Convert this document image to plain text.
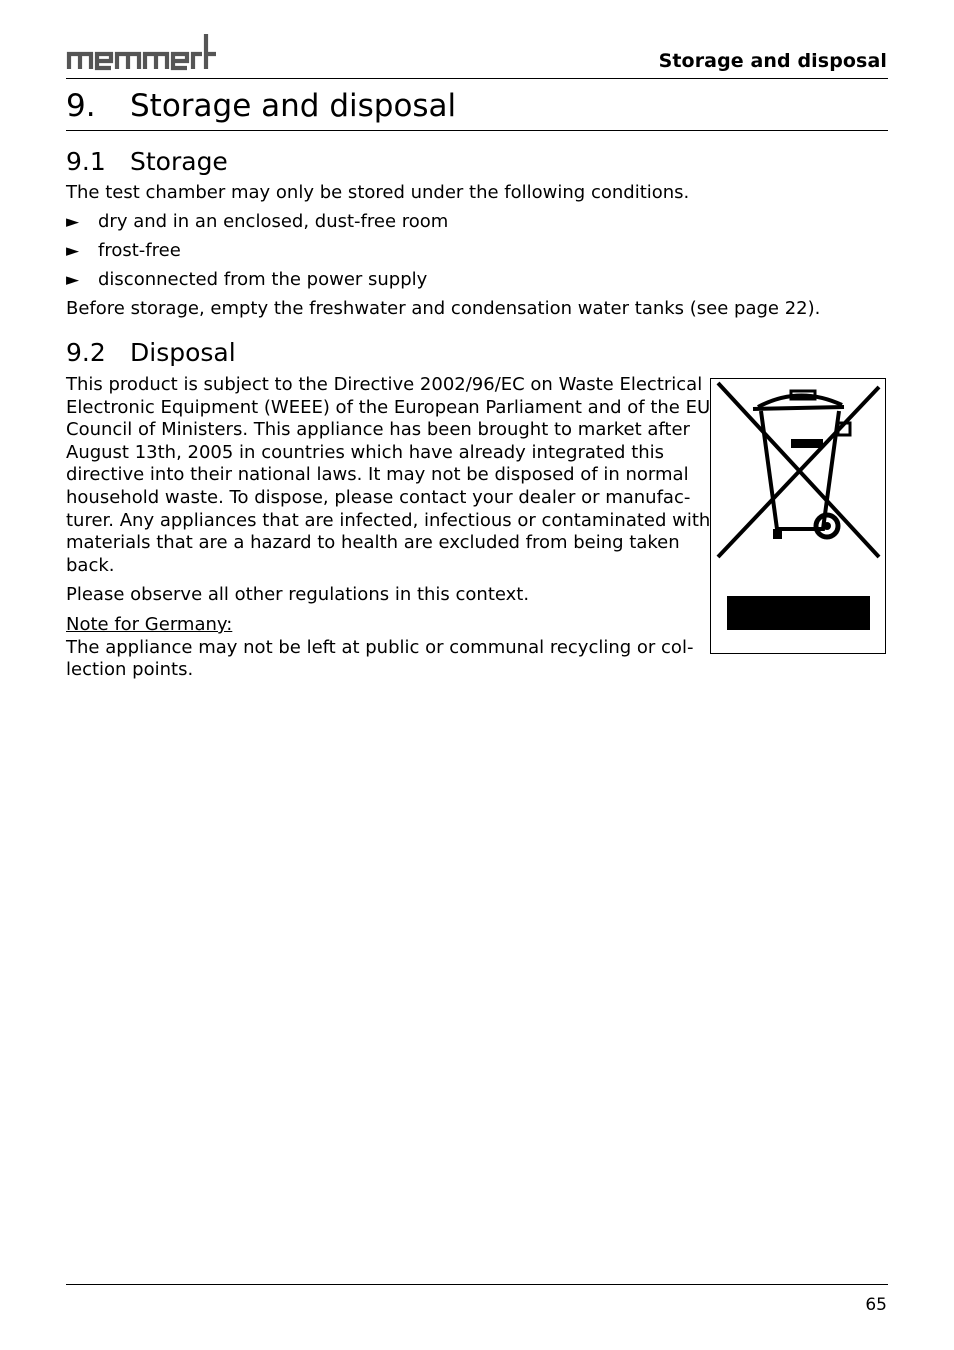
Storage and disposal
9. Storage and disposal
9.1 Storage
The test chamber may only be stored under the following conditions.
► dry and in an enclosed, dust-free room
► frost-free
► disconnected from the power supply
Before storage, empty the freshwater and condensation water tanks (see page 22).
9.2 Disposal
This product is subject to the Directive 2002/96/EC on Waste Electrical
Electronic Equipment (WEEE) of the European Parliament and of the EU
Council of Ministers. This appliance has been brought to market after
August 13th, 2005 in countries which have already integrated this
directive into their national laws. It may not be disposed of in normal
household waste. To dispose, please contact your dealer or manufac-
turer. Any appliances that are infected, infectious or contaminated with
materials that are a hazard to health are excluded from being taken
back.
Please observe all other regulations in this context.
Note for Germany:
The appliance may not be left at public or communal recycling or col-
lection points.
65
